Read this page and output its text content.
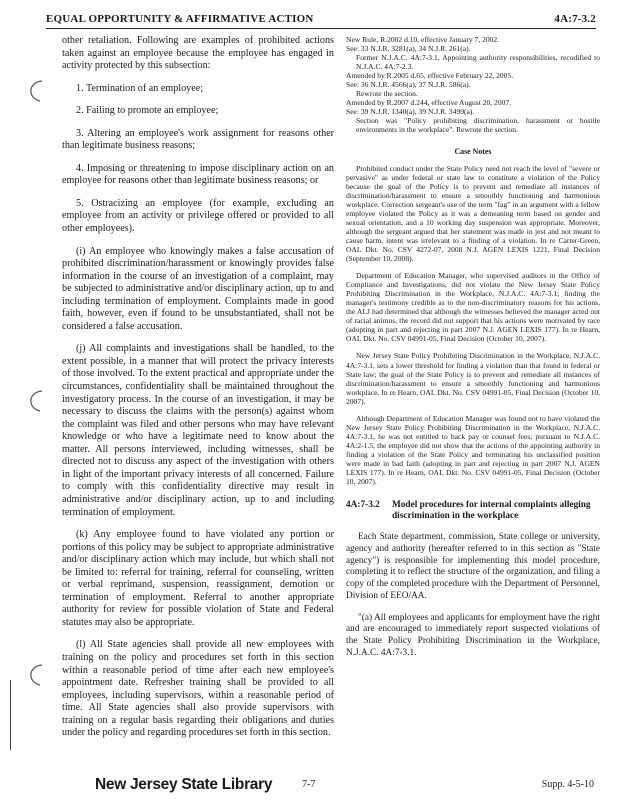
EQUAL OPPORTUNITY & AFFIRMATIVE ACTION	4A:7-3.2

other retaliation. Following are examples of prohibited actions taken against an employee because the employee has engaged in activity protected by this subsection:

1. Termination of an employee;

2. Failing to promote an employee;

3. Altering an employee's work assignment for reasons other than legitimate business reasons;

4. Imposing or threatening to impose disciplinary action on an employee for reasons other than legitimate business reasons; or

5. Ostracizing an employee (for example, excluding an employee from an activity or privilege offered or provided to all other employees).

(i) An employee who knowingly makes a false accusation of prohibited discrimination/harassment or knowingly provides false information in the course of an investigation of a complaint, may be subjected to administrative and/or disciplinary action, up to and including termination of employment. Complaints made in good faith, however, even if found to be unsubstantiated, shall not be considered a false accusation.

(j) All complaints and investigations shall be handled, to the extent possible, in a manner that will protect the privacy interests of those involved. To the extent practical and appropriate under the circumstances, confidentiality shall be maintained throughout the investigatory process. In the course of an investigation, it may be necessary to discuss the claims with the person(s) against whom the complaint was filed and other persons who may have relevant knowledge or who have a legitimate need to know about the matter. All persons interviewed, including witnesses, shall be directed not to discuss any aspect of the investigation with others in light of the important privacy interests of all concerned. Failure to comply with this confidentiality directive may result in administrative and/or disciplinary action, up to and including termination of employment.

(k) Any employee found to have violated any portion or portions of this policy may be subject to appropriate administrative and/or disciplinary action which may include, but which shall not be limited to: referral for training, referral for counseling, written or verbal reprimand, suspension, reassignment, demotion or termination of employment. Referral to another appropriate authority for review for possible violation of State and Federal statutes may also be appropriate.

(l) All State agencies shall provide all new employees with training on the policy and procedures set forth in this section within a reasonable period of time after each new employee's appointment date. Refresher training shall be provided to all employees, including supervisors, within a reasonable period of time. All State agencies shall also provide supervisors with training on a regular basis regarding their obligations and duties under the policy and regarding procedures set forth in this section.

New Rule, R.2002 d.10, effective January 7, 2002.

See: 33 N.J.R. 3281(a), 34 N.J.R. 261(a).

Former N.J.A.C. 4A:7-3.1, Appointing authority responsibilities, recodified to N.J.A.C. 4A:7-2.3.

Amended by R.2005 d.65, effective February 22, 2005.

See: 36 N.J.R. 4566(a), 37 N.J.R. 586(a).

Rewrote the section.

Amended by R.2007 d.244, effective August 20, 2007.

See: 39 N.J.R. 1340(a), 39 N.J.R. 3499(a).

Section was "Policy prohibiting discrimination, harassment or hostile environments in the workplace". Rewrote the section.

Case Notes

Prohibited conduct under the State Policy need not reach the level of "severe or pervasive" as under federal or state law to constitute a violation of the Policy because the goal of the Policy is to prevent and remediate all instances of discrimination/harassment to ensure a smoothly functioning and harmonious workplace. Correction sergeant's use of the term "fag" in an argument with a fellow employee violated the Policy as it was a demeaning term based on gender and sexual orientation, and a 10 working day suspension was appropriate. Moreover, although the sergeant argued that her statement was made in jest and not meant to cause harm, intent was irrelevant to a finding of a violation. In re Carter-Green, OAL Dkt. No. CSV 4272-07, 2008 N.J. AGEN LEXIS 1221, Final Decision (September 10, 2008).

Department of Education Manager, who supervised auditors in the Office of Compliance and Investigations, did not violate the New Jersey State Policy Prohibiting Discrimination in the Workplace, N.J.A.C. 4A:7-3.1; finding the manager's testimony credible as to the non-discriminatory reasons for his actions, the ALJ had determined that although the witnesses believed the manager acted out of racial animus, the record did not support that his actions were motivated by race (adopting in part and rejecting in part 2007 N.J. AGEN LEXIS 177). In re Hearn, OAL Dkt. No. CSV 04991-05, Final Decision (October 10, 2007).

New Jersey State Policy Prohibiting Discrimination in the Workplace, N.J.A.C. 4A:7-3.1, sets a lower threshold for finding a violation than that found in federal or State law; the goal of the State Policy is to prevent and remediate all instances of discrimination/harassment to ensure a smoothly functioning and harmonious workplace. In re Hearn, OAL Dkt. No. CSV 04991-05, Final Decision (October 10, 2007).

Although Department of Education Manager was found not to have violated the New Jersey State Policy Prohibiting Discrimination in the Workplace, N.J.A.C. 4A:7-3.1, he was not entitled to back pay or counsel fees; pursuant to N.J.A.C. 4A:2-1.5, the employee did not show that the actions of the appointing authority in finding a violation of the State Policy and terminating his unclassified position were made in bad faith (adopting in part and rejecting in part 2007 N.J. AGEN LEXIS 177). In re Hearn, OAL Dkt. No. CSV 04991-05, Final Decision (October 10, 2007).

4A:7-3.2	Model procedures for internal complaints alleging discrimination in the workplace

Each State department, commission, State college or university, agency and authority (hereafter referred to in this section as "State agency") is responsible for implementing this model procedure, completing it to reflect the structure of the organization, and filing a copy of the completed procedure with the Department of Personnel, Division of EEO/AA.

"(a) All employees and applicants for employment have the right and are encouraged to immediately report suspected violations of the State Policy Prohibiting Discrimination in the Workplace, N.J.A.C. 4A:7-3.1.

New Jersey State Library	7-7	Supp. 4-5-10
